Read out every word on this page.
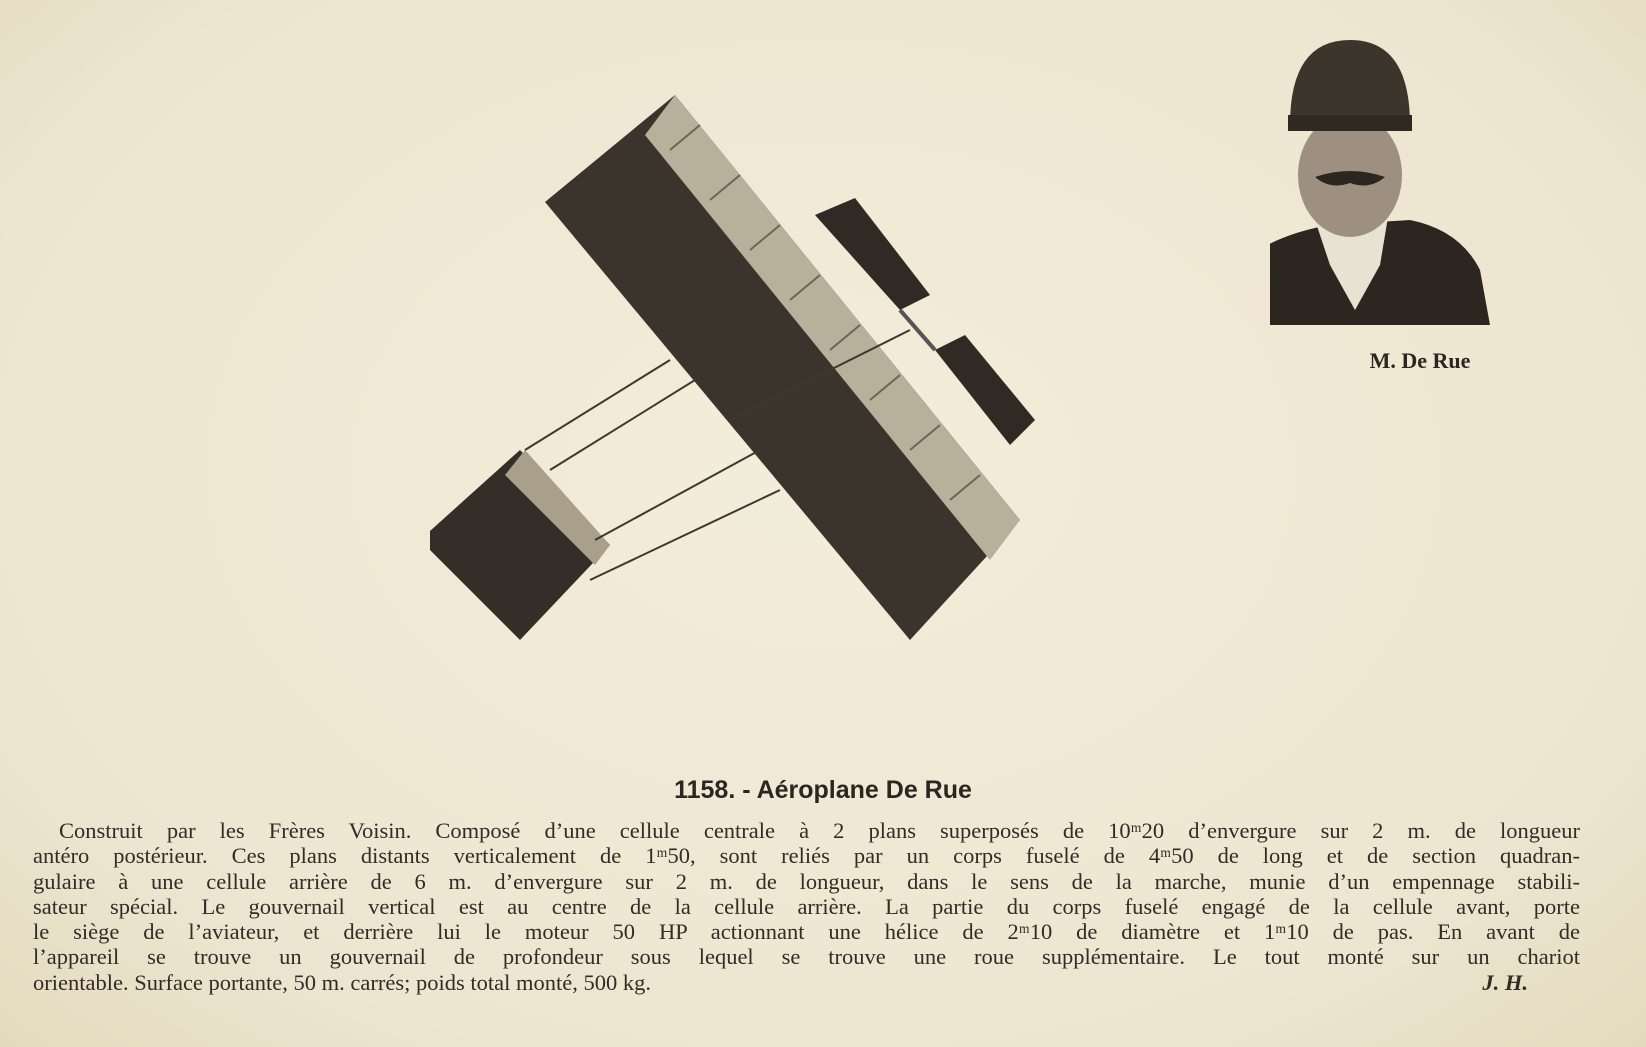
M. De Rue
1158. - Aéroplane De Rue
Construit par les Frères Voisin. Composé d’une cellule centrale à 2 plans superposés de 10ᵐ20 d’envergure sur 2 m. de longueur
antéro postérieur. Ces plans distants verticalement de 1ᵐ50, sont reliés par un corps fuselé de 4ᵐ50 de long et de section quadran-
gulaire à une cellule arrière de 6 m. d’envergure sur 2 m. de longueur, dans le sens de la marche, munie d’un empennage stabili-
sateur spécial. Le gouvernail vertical est au centre de la cellule arrière. La partie du corps fuselé engagé de la cellule avant, porte
le siège de l’aviateur, et derrière lui le moteur 50 HP actionnant une hélice de 2ᵐ10 de diamètre et 1ᵐ10 de pas. En avant de
l’appareil se trouve un gouvernail de profondeur sous lequel se trouve une roue supplémentaire. Le tout monté sur un chariot
orientable. Surface portante, 50 m. carrés; poids total monté, 500 kg.	J. H.
